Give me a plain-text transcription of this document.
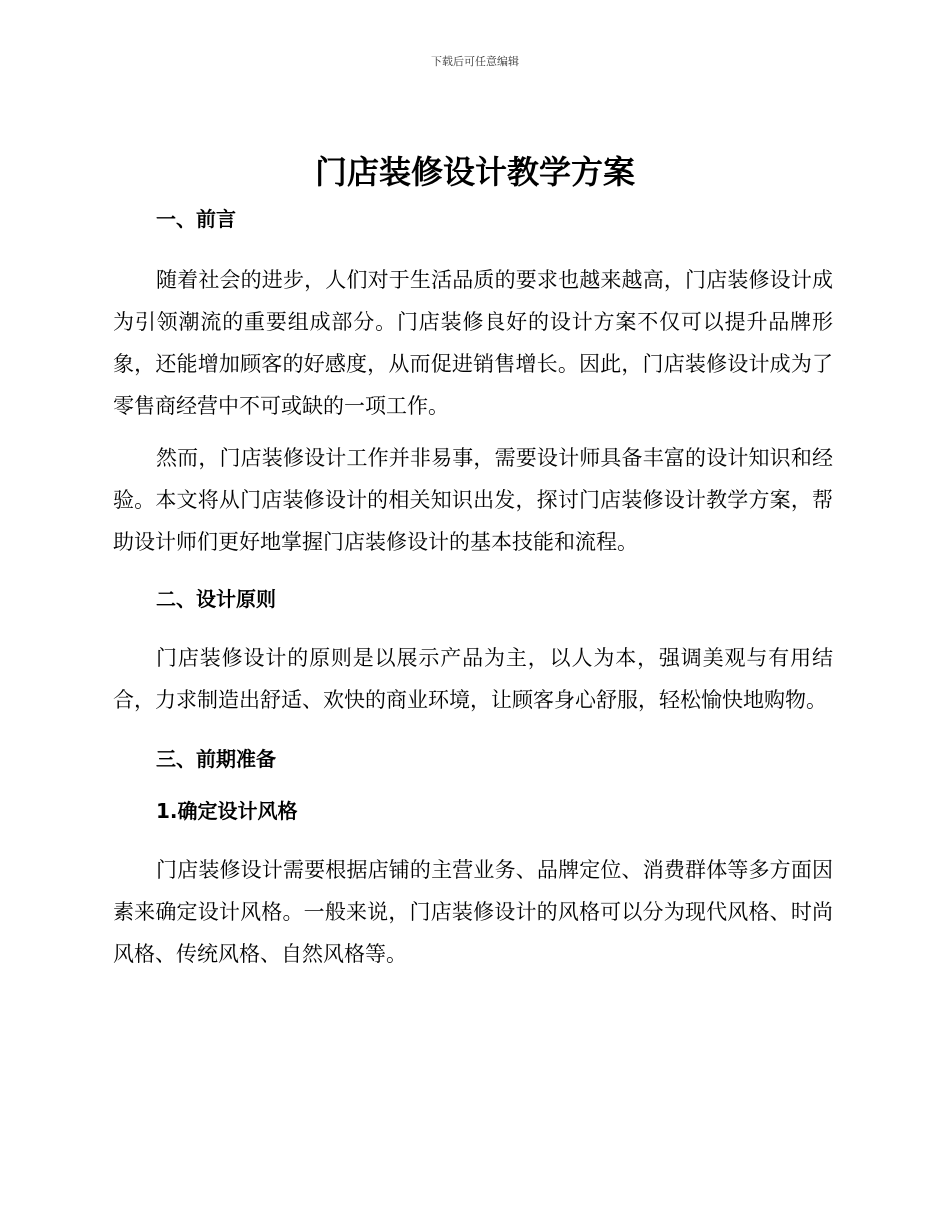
下载后可任意编辑
门店装修设计教学方案
一、前言

随着社会的进步，人们对于生活品质的要求也越来越高，门店装修设计成为引领潮流的重要组成部分。门店装修良好的设计方案不仅可以提升品牌形象，还能增加顾客的好感度，从而促进销售增长。因此，门店装修设计成为了零售商经营中不可或缺的一项工作。

然而，门店装修设计工作并非易事，需要设计师具备丰富的设计知识和经验。本文将从门店装修设计的相关知识出发，探讨门店装修设计教学方案，帮助设计师们更好地掌握门店装修设计的基本技能和流程。

二、设计原则

门店装修设计的原则是以展示产品为主，以人为本，强调美观与有用结合，力求制造出舒适、欢快的商业环境，让顾客身心舒服，轻松愉快地购物。

三、前期准备
1.确定设计风格

门店装修设计需要根据店铺的主营业务、品牌定位、消费群体等多方面因素来确定设计风格。一般来说，门店装修设计的风格可以分为现代风格、时尚风格、传统风格、自然风格等。
